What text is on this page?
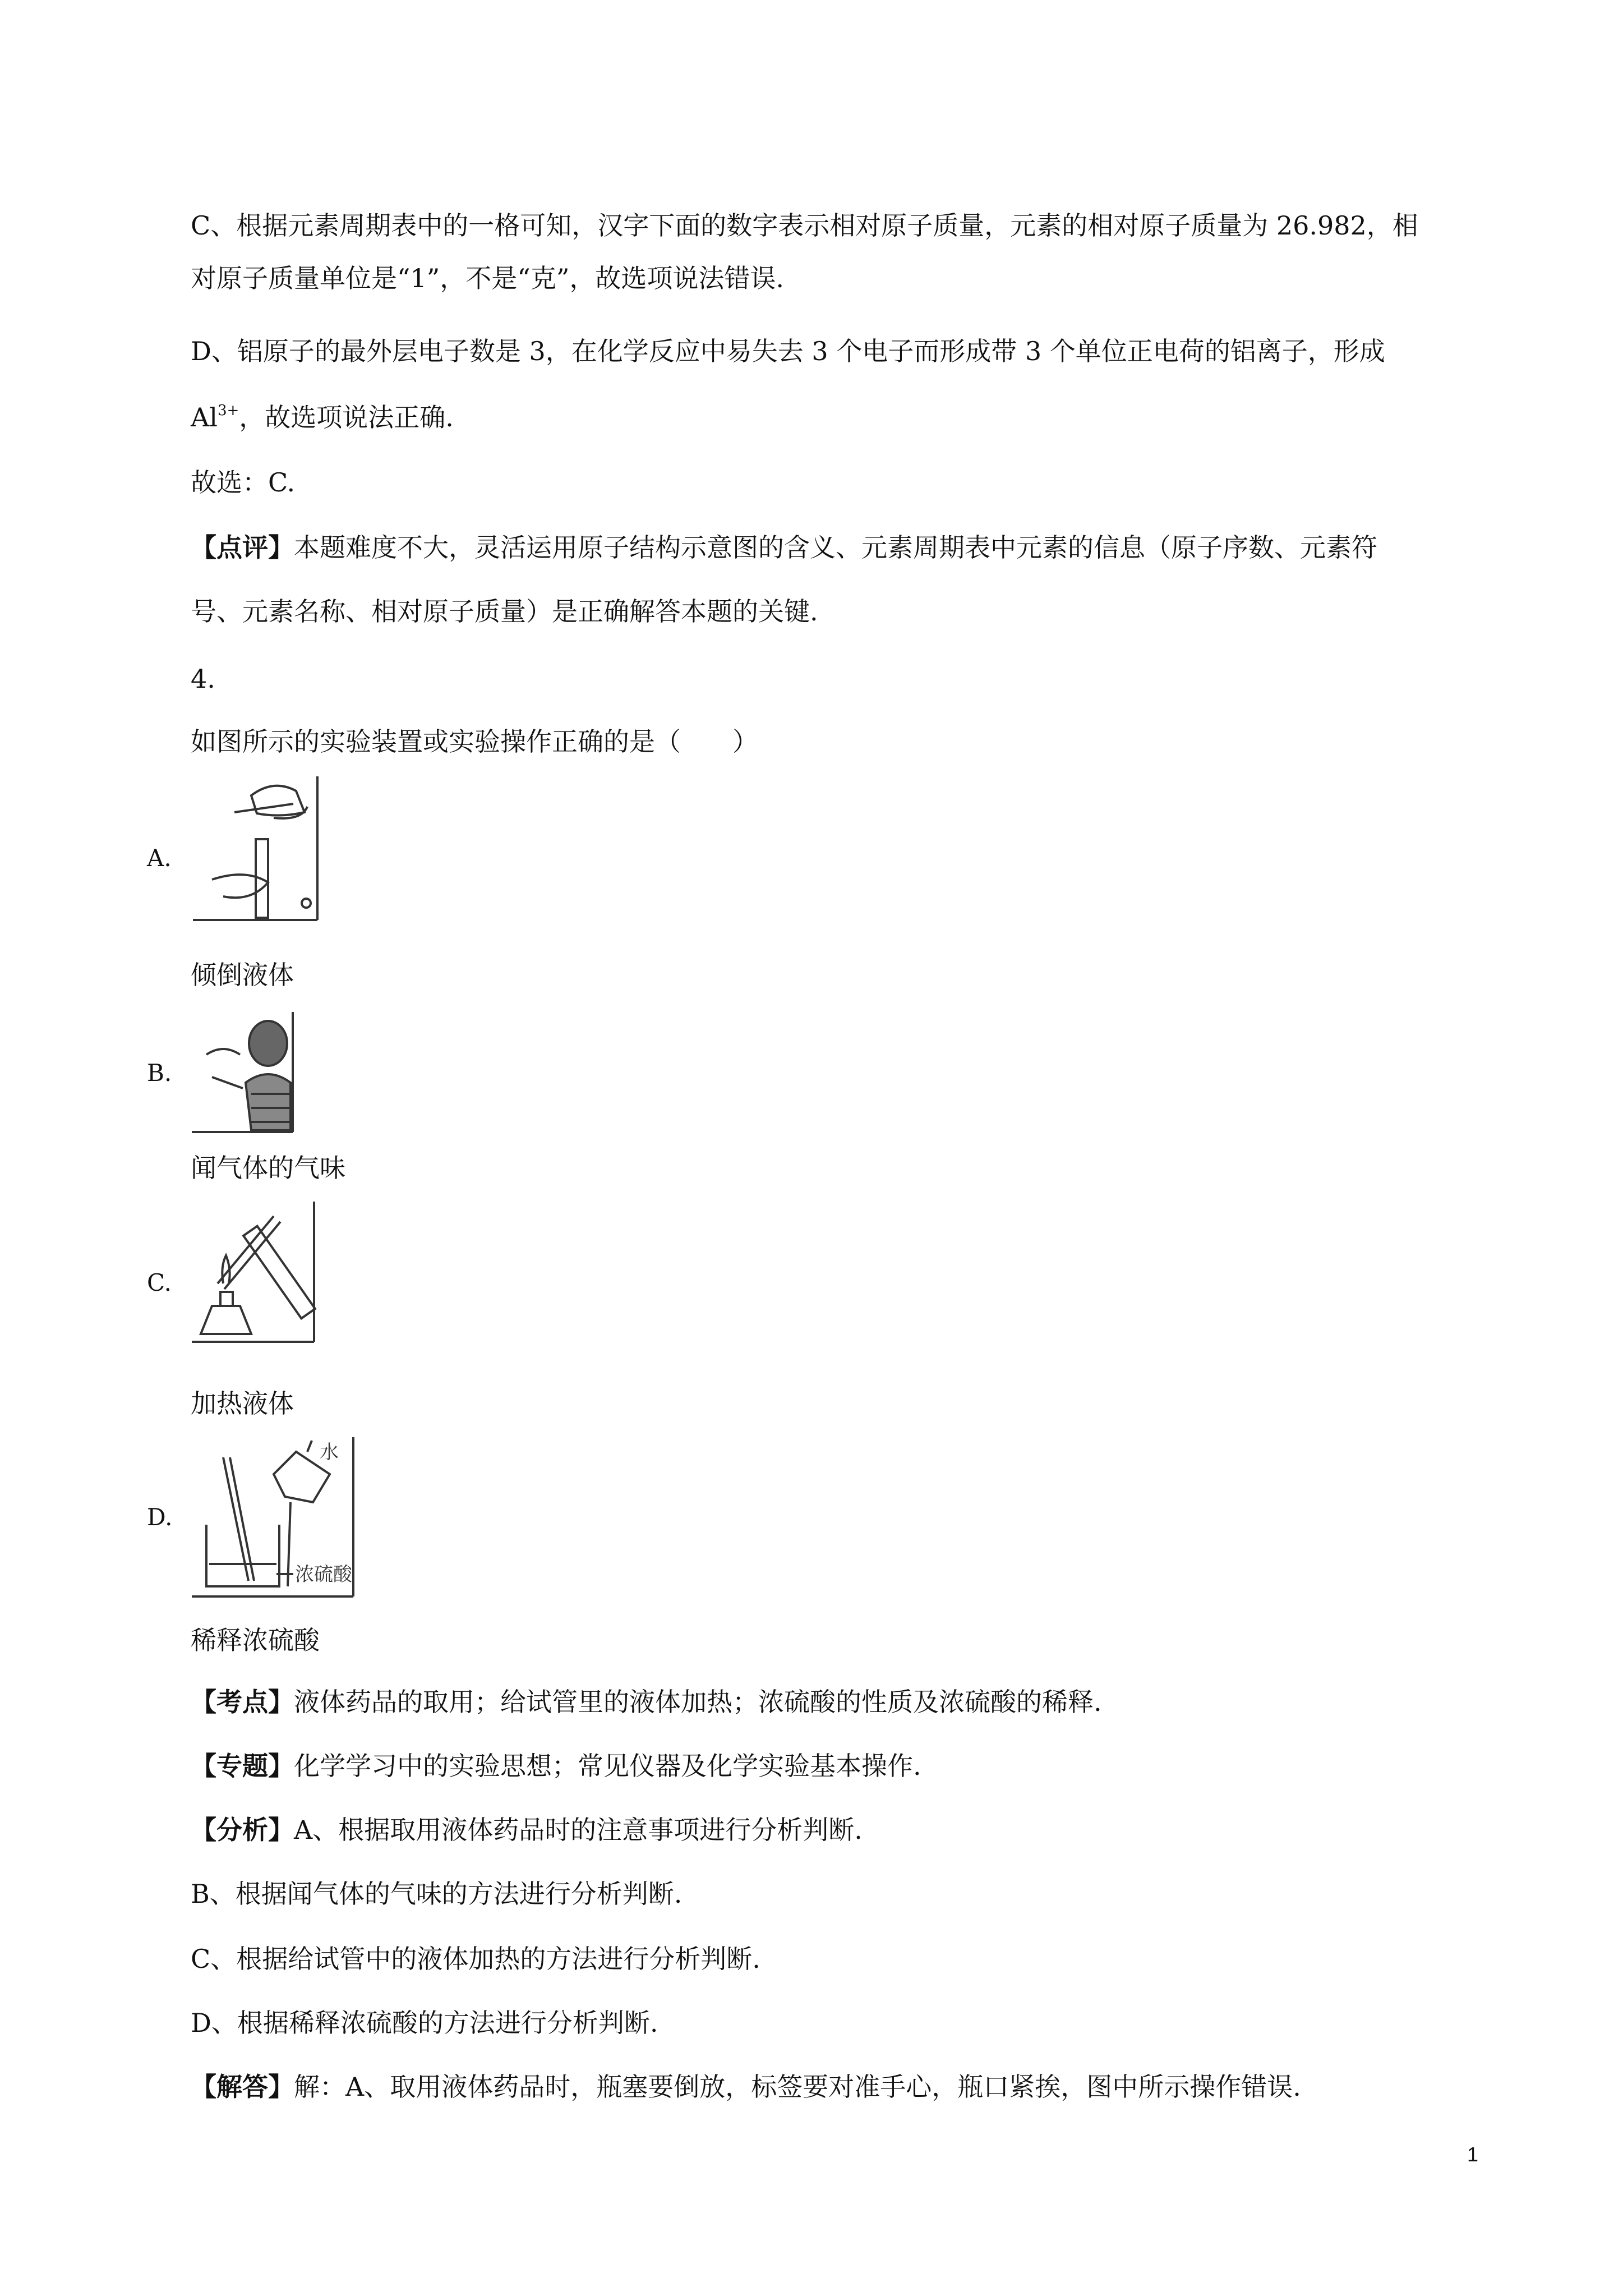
C、根据元素周期表中的一格可知，汉字下面的数字表示相对原子质量，元素的相对原子质量为 26.982，相
对原子质量单位是“1”，不是“克”，故选项说法错误.
D、铝原子的最外层电子数是 3，在化学反应中易失去 3 个电子而形成带 3 个单位正电荷的铝离子，形成
$Al^{3+}$，故选项说法正确.
故选：C.
【点评】本题难度不大，灵活运用原子结构示意图的含义、元素周期表中元素的信息（原子序数、元素符
号、元素名称、相对原子质量）是正确解答本题的关键.
4.
如图所示的实验装置或实验操作正确的是（　　）
A.
倾倒液体
B.
闻气体的气味
C.
加热液体
D.
水
浓硫酸
稀释浓硫酸
【考点】液体药品的取用；给试管里的液体加热；浓硫酸的性质及浓硫酸的稀释.
【专题】化学学习中的实验思想；常见仪器及化学实验基本操作.
【分析】A、根据取用液体药品时的注意事项进行分析判断.
B、根据闻气体的气味的方法进行分析判断.
C、根据给试管中的液体加热的方法进行分析判断.
D、根据稀释浓硫酸的方法进行分析判断.
【解答】解：A、取用液体药品时，瓶塞要倒放，标签要对准手心，瓶口紧挨，图中所示操作错误.
1
